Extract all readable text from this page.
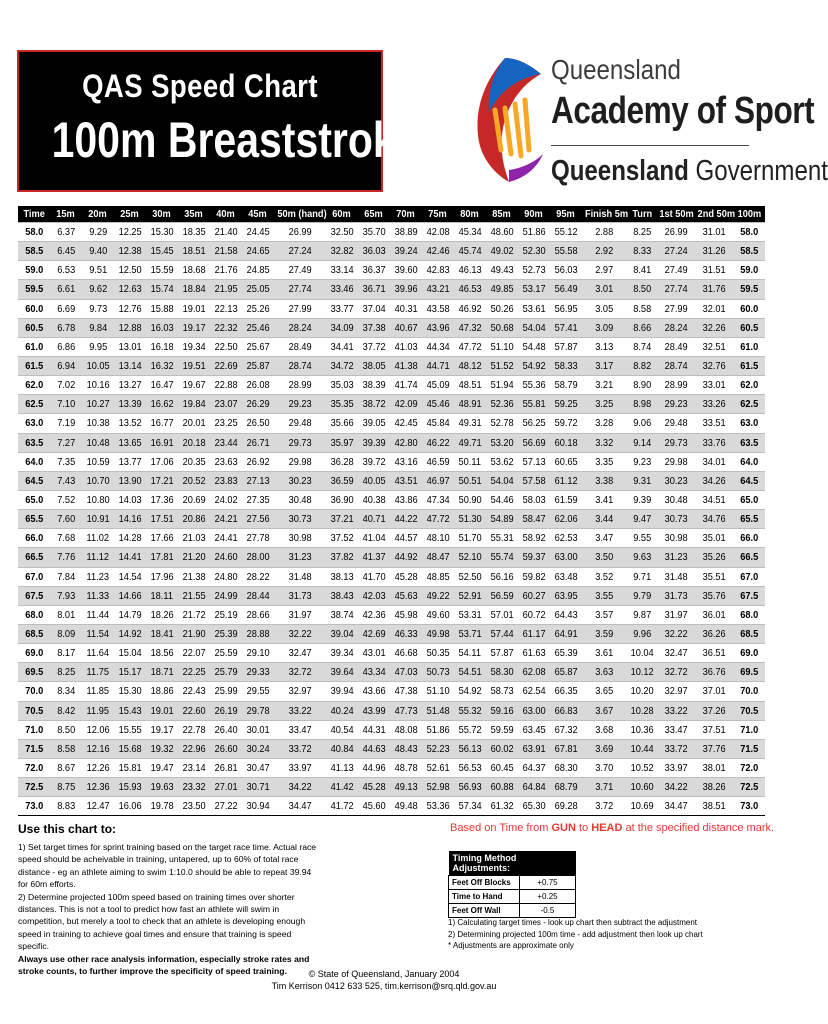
QAS Speed Chart
100m Breaststroke
Queensland
Academy of Sport
Queensland Government
Time	15m	20m	25m	30m	35m	40m	45m	50m (hand)	60m	65m	70m	75m	80m	85m	90m	95m	Finish 5m	Turn	1st 50m	2nd 50m	100m
58.0	6.37	9.29	12.25	15.30	18.35	21.40	24.45	26.99	32.50	35.70	38.89	42.08	45.34	48.60	51.86	55.12	2.88	8.25	26.99	31.01	58.0
58.5	6.45	9.40	12.38	15.45	18.51	21.58	24.65	27.24	32.82	36.03	39.24	42.46	45.74	49.02	52.30	55.58	2.92	8.33	27.24	31.26	58.5
59.0	6.53	9.51	12.50	15.59	18.68	21.76	24.85	27.49	33.14	36.37	39.60	42.83	46.13	49.43	52.73	56.03	2.97	8.41	27.49	31.51	59.0
59.5	6.61	9.62	12.63	15.74	18.84	21.95	25.05	27.74	33.46	36.71	39.96	43.21	46.53	49.85	53.17	56.49	3.01	8.50	27.74	31.76	59.5
60.0	6.69	9.73	12.76	15.88	19.01	22.13	25.26	27.99	33.77	37.04	40.31	43.58	46.92	50.26	53.61	56.95	3.05	8.58	27.99	32.01	60.0
60.5	6.78	9.84	12.88	16.03	19.17	22.32	25.46	28.24	34.09	37.38	40.67	43.96	47.32	50.68	54.04	57.41	3.09	8.66	28.24	32.26	60.5
61.0	6.86	9.95	13.01	16.18	19.34	22.50	25.67	28.49	34.41	37.72	41.03	44.34	47.72	51.10	54.48	57.87	3.13	8.74	28.49	32.51	61.0
61.5	6.94	10.05	13.14	16.32	19.51	22.69	25.87	28.74	34.72	38.05	41.38	44.71	48.12	51.52	54.92	58.33	3.17	8.82	28.74	32.76	61.5
62.0	7.02	10.16	13.27	16.47	19.67	22.88	26.08	28.99	35.03	38.39	41.74	45.09	48.51	51.94	55.36	58.79	3.21	8.90	28.99	33.01	62.0
62.5	7.10	10.27	13.39	16.62	19.84	23.07	26.29	29.23	35.35	38.72	42.09	45.46	48.91	52.36	55.81	59.25	3.25	8.98	29.23	33.26	62.5
63.0	7.19	10.38	13.52	16.77	20.01	23.25	26.50	29.48	35.66	39.05	42.45	45.84	49.31	52.78	56.25	59.72	3.28	9.06	29.48	33.51	63.0
63.5	7.27	10.48	13.65	16.91	20.18	23.44	26.71	29.73	35.97	39.39	42.80	46.22	49.71	53.20	56.69	60.18	3.32	9.14	29.73	33.76	63.5
64.0	7.35	10.59	13.77	17.06	20.35	23.63	26.92	29.98	36.28	39.72	43.16	46.59	50.11	53.62	57.13	60.65	3.35	9.23	29.98	34.01	64.0
64.5	7.43	10.70	13.90	17.21	20.52	23.83	27.13	30.23	36.59	40.05	43.51	46.97	50.51	54.04	57.58	61.12	3.38	9.31	30.23	34.26	64.5
65.0	7.52	10.80	14.03	17.36	20.69	24.02	27.35	30.48	36.90	40.38	43.86	47.34	50.90	54.46	58.03	61.59	3.41	9.39	30.48	34.51	65.0
65.5	7.60	10.91	14.16	17.51	20.86	24.21	27.56	30.73	37.21	40.71	44.22	47.72	51.30	54.89	58.47	62.06	3.44	9.47	30.73	34.76	65.5
66.0	7.68	11.02	14.28	17.66	21.03	24.41	27.78	30.98	37.52	41.04	44.57	48.10	51.70	55.31	58.92	62.53	3.47	9.55	30.98	35.01	66.0
66.5	7.76	11.12	14.41	17.81	21.20	24.60	28.00	31.23	37.82	41.37	44.92	48.47	52.10	55.74	59.37	63.00	3.50	9.63	31.23	35.26	66.5
67.0	7.84	11.23	14.54	17.96	21.38	24.80	28.22	31.48	38.13	41.70	45.28	48.85	52.50	56.16	59.82	63.48	3.52	9.71	31.48	35.51	67.0
67.5	7.93	11.33	14.66	18.11	21.55	24.99	28.44	31.73	38.43	42.03	45.63	49.22	52.91	56.59	60.27	63.95	3.55	9.79	31.73	35.76	67.5
68.0	8.01	11.44	14.79	18.26	21.72	25.19	28.66	31.97	38.74	42.36	45.98	49.60	53.31	57.01	60.72	64.43	3.57	9.87	31.97	36.01	68.0
68.5	8.09	11.54	14.92	18.41	21.90	25.39	28.88	32.22	39.04	42.69	46.33	49.98	53.71	57.44	61.17	64.91	3.59	9.96	32.22	36.26	68.5
69.0	8.17	11.64	15.04	18.56	22.07	25.59	29.10	32.47	39.34	43.01	46.68	50.35	54.11	57.87	61.63	65.39	3.61	10.04	32.47	36.51	69.0
69.5	8.25	11.75	15.17	18.71	22.25	25.79	29.33	32.72	39.64	43.34	47.03	50.73	54.51	58.30	62.08	65.87	3.63	10.12	32.72	36.76	69.5
70.0	8.34	11.85	15.30	18.86	22.43	25.99	29.55	32.97	39.94	43.66	47.38	51.10	54.92	58.73	62.54	66.35	3.65	10.20	32.97	37.01	70.0
70.5	8.42	11.95	15.43	19.01	22.60	26.19	29.78	33.22	40.24	43.99	47.73	51.48	55.32	59.16	63.00	66.83	3.67	10.28	33.22	37.26	70.5
71.0	8.50	12.06	15.55	19.17	22.78	26.40	30.01	33.47	40.54	44.31	48.08	51.86	55.72	59.59	63.45	67.32	3.68	10.36	33.47	37.51	71.0
71.5	8.58	12.16	15.68	19.32	22.96	26.60	30.24	33.72	40.84	44.63	48.43	52.23	56.13	60.02	63.91	67.81	3.69	10.44	33.72	37.76	71.5
72.0	8.67	12.26	15.81	19.47	23.14	26.81	30.47	33.97	41.13	44.96	48.78	52.61	56.53	60.45	64.37	68.30	3.70	10.52	33.97	38.01	72.0
72.5	8.75	12.36	15.93	19.63	23.32	27.01	30.71	34.22	41.42	45.28	49.13	52.98	56.93	60.88	64.84	68.79	3.71	10.60	34.22	38.26	72.5
73.0	8.83	12.47	16.06	19.78	23.50	27.22	30.94	34.47	41.72	45.60	49.48	53.36	57.34	61.32	65.30	69.28	3.72	10.69	34.47	38.51	73.0
Use this chart to:

1) Set target times for sprint training based on the target race time. Actual race speed should be acheivable in training, untapered, up to 60% of total race distance - eg an athlete aiming to swim 1:10.0 should be able to repeat 39.94 for 60m efforts.

2) Determine projected 100m speed based on training times over shorter distances. This is not a tool to predict how fast an athlete will swim in competition, but merely a tool to check that an athlete is developing enough speed in training to achieve goal times and ensure that training is speed specific.

Always use other race analysis information, especially stroke rates and stroke counts, to further improve the specificity of speed training.

Based on Time from GUN to HEAD at the specified distance mark.
Timing Method Adjustments:	
Feet Off Blocks	+0.75
Time to Hand	+0.25
Feet Off Wall	-0.5

1) Calculating target times - look up chart then subtract the adjustment

2) Determining projected 100m time - add adjustment then look up chart

* Adjustments are approximate only

© State of Queensland, January 2004

Tim Kerrison 0412 633 525, tim.kerrison@srq.qld.gov.au
